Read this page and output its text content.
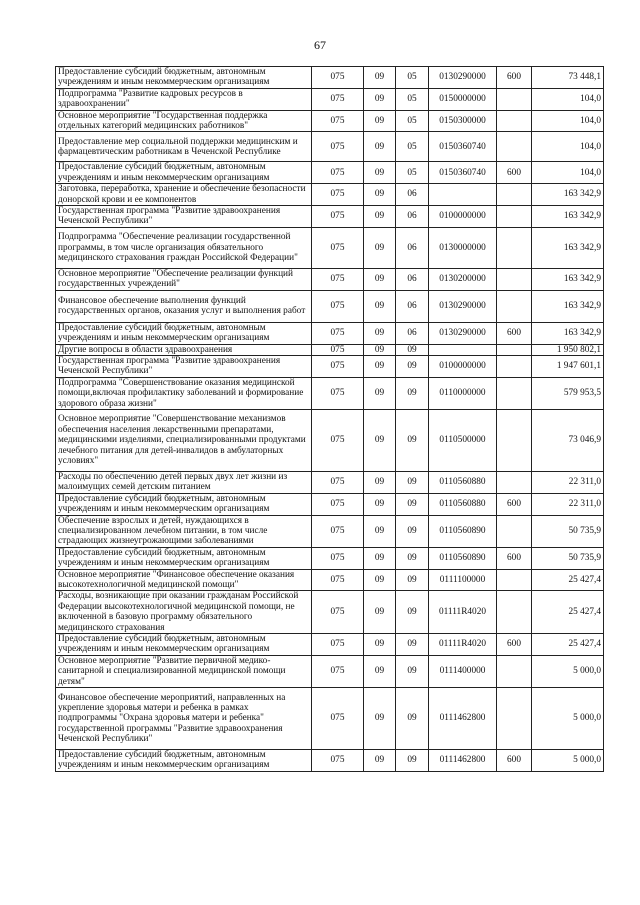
67
Предоставление субсидий бюджетным, автономным учреждениям и иным некоммерческим организациям	075	09	05	0130290000	600	73 448,1
Подпрограмма "Развитие кадровых ресурсов в здравоохранении"	075	09	05	0150000000		104,0
Основное мероприятие "Государственная поддержка отдельных категорий медицинских работников"	075	09	05	0150300000		104,0
Предоставление мер социальной поддержки медицинским и фармацевтическим работникам в Чеченской Республике	075	09	05	0150360740		104,0
Предоставление субсидий бюджетным, автономным учреждениям и иным некоммерческим организациям	075	09	05	0150360740	600	104,0
Заготовка, переработка, хранение и обеспечение безопасности донорской крови и ее компонентов	075	09	06			163 342,9
Государственная программа "Развитие здравоохранения Чеченской Республики"	075	09	06	0100000000		163 342,9
Подпрограмма "Обеспечение реализации государственной программы, в том числе организация обязательного медицинского страхования граждан Российской Федерации"	075	09	06	0130000000		163 342,9
Основное мероприятие "Обеспечение реализации функций государственных учреждений"	075	09	06	0130200000		163 342,9
Финансовое обеспечение выполнения функций государственных органов, оказания услуг и выполнения работ	075	09	06	0130290000		163 342,9
Предоставление субсидий бюджетным, автономным учреждениям и иным некоммерческим организациям	075	09	06	0130290000	600	163 342,9
Другие вопросы в области здравоохранения	075	09	09			1 950 802,1
Государственная программа "Развитие здравоохранения Чеченской Республики"	075	09	09	0100000000		1 947 601,1
Подпрограмма "Совершенствование оказания медицинской помощи,включая профилактику заболеваний и формирование здорового образа жизни"	075	09	09	0110000000		579 953,5
Основное мероприятие "Совершенствование механизмов обеспечения населения лекарственными препаратами, медицинскими изделиями, специализированными продуктами лечебного питания для детей-инвалидов в амбулаторных условиях"	075	09	09	0110500000		73 046,9
Расходы по обеспечению детей первых двух лет жизни из малоимущих семей детским питанием	075	09	09	0110560880		22 311,0
Предоставление субсидий бюджетным, автономным учреждениям и иным некоммерческим организациям	075	09	09	0110560880	600	22 311,0
Обеспечение взрослых и детей, нуждающихся в специализированном лечебном питании, в том числе страдающих жизнеугрожающими заболеваниями	075	09	09	0110560890		50 735,9
Предоставление субсидий бюджетным, автономным учреждениям и иным некоммерческим организациям	075	09	09	0110560890	600	50 735,9
Основное мероприятие "Финансовое обеспечение оказания высокотехнологичной медицинской помощи"	075	09	09	0111100000		25 427,4
Расходы, возникающие при оказании гражданам Российской Федерации высокотехнологичной медицинской помощи, не включенной в базовую программу обязательного медицинского страхования	075	09	09	01111R4020		25 427,4
Предоставление субсидий бюджетным, автономным учреждениям и иным некоммерческим организациям	075	09	09	01111R4020	600	25 427,4
Основное мероприятие "Развитие первичной медико-санитарной и специализированной медицинской помощи детям"	075	09	09	0111400000		5 000,0
Финансовое обеспечение мероприятий, направленных на укрепление здоровья матери и ребенка в рамках подпрограммы "Охрана здоровья матери и ребенка" государственной программы "Развитие здравоохранения Чеченской Республики"	075	09	09	0111462800		5 000,0
Предоставление субсидий бюджетным, автономным учреждениям и иным некоммерческим организациям	075	09	09	0111462800	600	5 000,0
